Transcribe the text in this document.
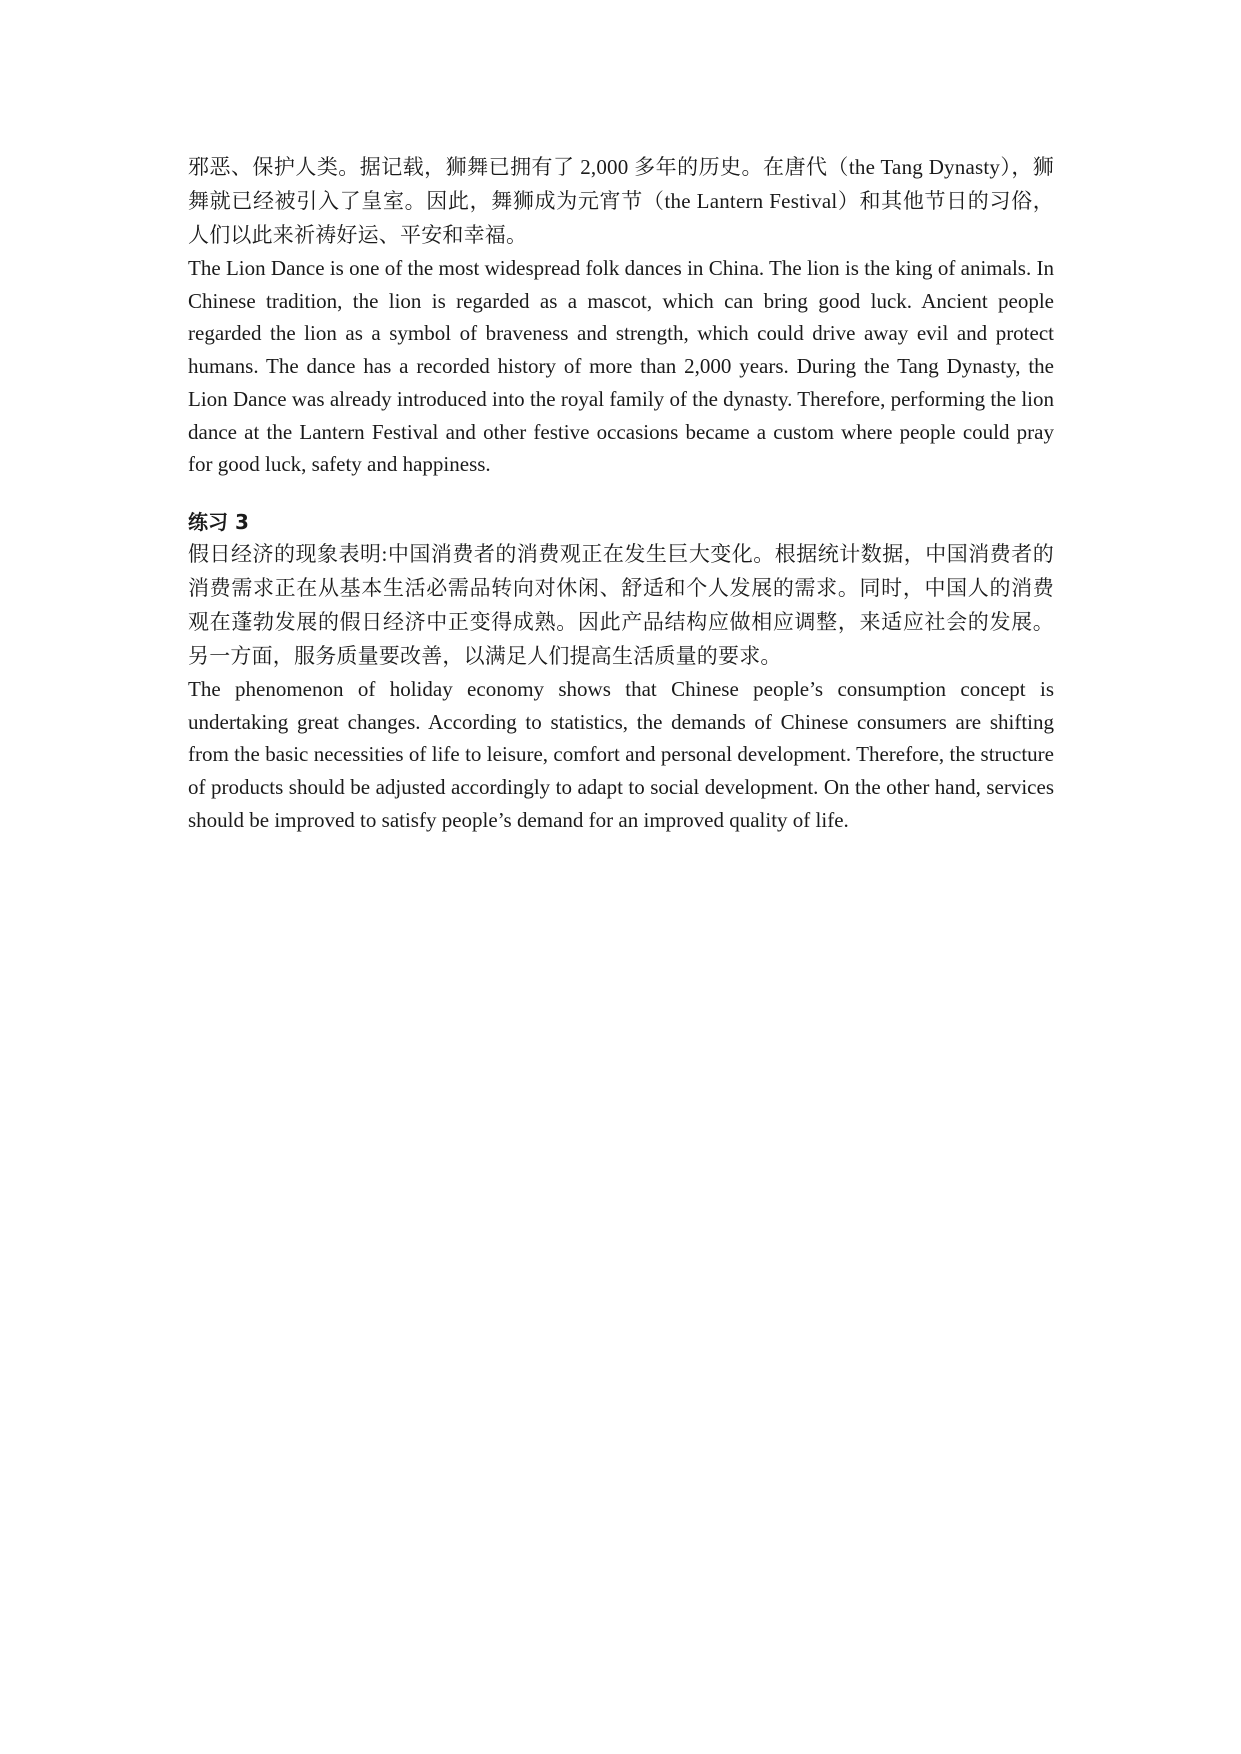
邪恶、保护人类。据记载，狮舞已拥有了 2,000 多年的历史。在唐代（the Tang Dynasty），狮舞就已经被引入了皇室。因此，舞狮成为元宵节（the Lantern Festival）和其他节日的习俗，人们以此来祈祷好运、平安和幸福。

The Lion Dance is one of the most widespread folk dances in China. The lion is the king of animals. In Chinese tradition, the lion is regarded as a mascot, which can bring good luck. Ancient people regarded the lion as a symbol of braveness and strength, which could drive away evil and protect humans. The dance has a recorded history of more than 2,000 years. During the Tang Dynasty, the Lion Dance was already introduced into the royal family of the dynasty. Therefore, performing the lion dance at the Lantern Festival and other festive occasions became a custom where people could pray for good luck, safety and happiness.

练习 3

假日经济的现象表明:中国消费者的消费观正在发生巨大变化。根据统计数据，中国消费者的消费需求正在从基本生活必需品转向对休闲、舒适和个人发展的需求。同时，中国人的消费观在蓬勃发展的假日经济中正变得成熟。因此产品结构应做相应调整，来适应社会的发展。另一方面，服务质量要改善，以满足人们提高生活质量的要求。

The phenomenon of holiday economy shows that Chinese people’s consumption concept is undertaking great changes. According to statistics, the demands of Chinese consumers are shifting from the basic necessities of life to leisure, comfort and personal development. Therefore, the structure of products should be adjusted accordingly to adapt to social development. On the other hand, services should be improved to satisfy people’s demand for an improved quality of life.
